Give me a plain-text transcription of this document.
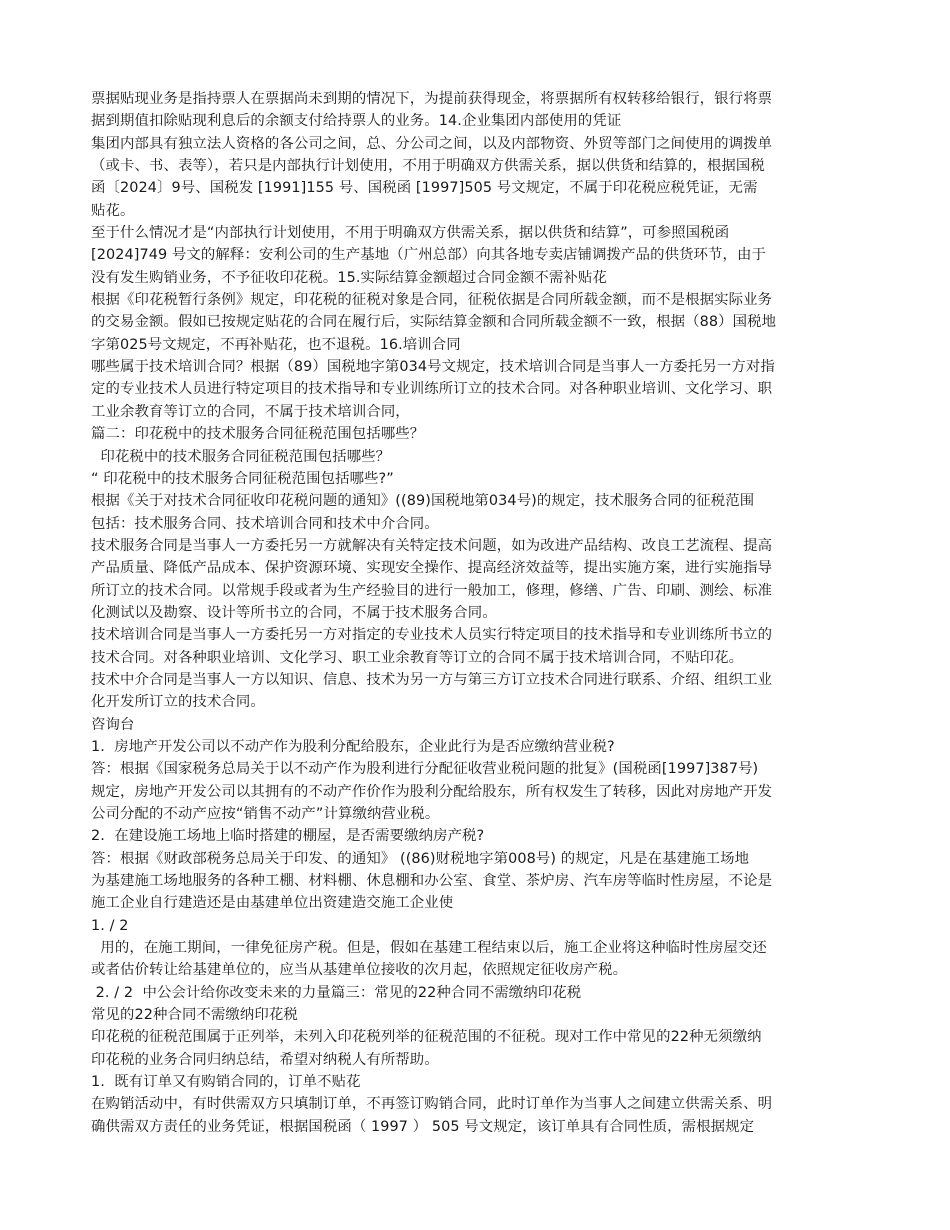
票据贴现业务是指持票人在票据尚未到期的情况下，为提前获得现金，将票据所有权转移给银行，银行将票
据到期值扣除贴现利息后的余额支付给持票人的业务。14.企业集团内部使用的凭证
集团内部具有独立法人资格的各公司之间，总、分公司之间，以及内部物资、外贸等部门之间使用的调拨单
（或卡、书、表等），若只是内部执行计划使用，不用于明确双方供需关系，据以供货和结算的，根据国税
函〔2024〕9号、国税发 [1991]155 号、国税函 [1997]505 号文规定，不属于印花税应税凭证，无需
贴花。
至于什么情况才是“内部执行计划使用，不用于明确双方供需关系，据以供货和结算”，可参照国税函
[2024]749 号文的解释：安利公司的生产基地（广州总部）向其各地专卖店铺调拨产品的供货环节，由于
没有发生购销业务，不予征收印花税。15.实际结算金额超过合同金额不需补贴花
根据《印花税暂行条例》规定，印花税的征税对象是合同，征税依据是合同所载金额，而不是根据实际业务
的交易金额。假如已按规定贴花的合同在履行后，实际结算金额和合同所载金额不一致，根据（88）国税地
字第025号文规定，不再补贴花，也不退税。16.培训合同
哪些属于技术培训合同？根据（89）国税地字第034号文规定，技术培训合同是当事人一方委托另一方对指
定的专业技术人员进行特定项目的技术指导和专业训练所订立的技术合同。对各种职业培训、文化学习、职
工业余教育等订立的合同，不属于技术培训合同，
篇二：印花税中的技术服务合同征税范围包括哪些？
印花税中的技术服务合同征税范围包括哪些？
“ 印花税中的技术服务合同征税范围包括哪些?”
根据《关于对技术合同征收印花税问题的通知》((89)国税地第034号)的规定，技术服务合同的征税范围
包括：技术服务合同、技术培训合同和技术中介合同。
技术服务合同是当事人一方委托另一方就解决有关特定技术问题，如为改进产品结构、改良工艺流程、提高
产品质量、降低产品成本、保护资源环境、实现安全操作、提高经济效益等，提出实施方案，进行实施指导
所订立的技术合同。以常规手段或者为生产经验目的进行一般加工，修理，修缮、广告、印刷、测绘、标准
化测试以及勘察、设计等所书立的合同，不属于技术服务合同。
技术培训合同是当事人一方委托另一方对指定的专业技术人员实行特定项目的技术指导和专业训练所书立的
技术合同。对各种职业培训、文化学习、职工业余教育等订立的合同不属于技术培训合同，不贴印花。
技术中介合同是当事人一方以知识、信息、技术为另一方与第三方订立技术合同进行联系、介绍、组织工业
化开发所订立的技术合同。
咨询台
1.  房地产开发公司以不动产作为股利分配给股东，企业此行为是否应缴纳营业税?
答：根据《国家税务总局关于以不动产作为股利进行分配征收营业税问题的批复》(国税函[1997]387号)
规定，房地产开发公司以其拥有的不动产作价作为股利分配给股东，所有权发生了转移，因此对房地产开发
公司分配的不动产应按“销售不动产”计算缴纳营业税。
2.  在建设施工场地上临时搭建的棚屋，是否需要缴纳房产税?
答：根据《财政部税务总局关于印发、的通知》 ((86)财税地字第008号) 的规定，凡是在基建施工场地
为基建施工场地服务的各种工棚、材料棚、休息棚和办公室、食堂、茶炉房、汽车房等临时性房屋，不论是
施工企业自行建造还是由基建单位出资建造交施工企业使
1. / 2
用的，在施工期间，一律免征房产税。但是，假如在基建工程结束以后，施工企业将这种临时性房屋交还
或者估价转让给基建单位的，应当从基建单位接收的次月起，依照规定征收房产税。
2. / 2  中公会计给你改变未来的力量篇三：常见的22种合同不需缴纳印花税
常见的22种合同不需缴纳印花税
印花税的征税范围属于正列举，未列入印花税列举的征税范围的不征税。现对工作中常见的22种无须缴纳
印花税的业务合同归纳总结，希望对纳税人有所帮助。
1.  既有订单又有购销合同的，订单不贴花
在购销活动中，有时供需双方只填制订单，不再签订购销合同，此时订单作为当事人之间建立供需关系、明
确供需双方责任的业务凭证，根据国税函（ 1997 ） 505 号文规定，该订单具有合同性质，需根据规定
